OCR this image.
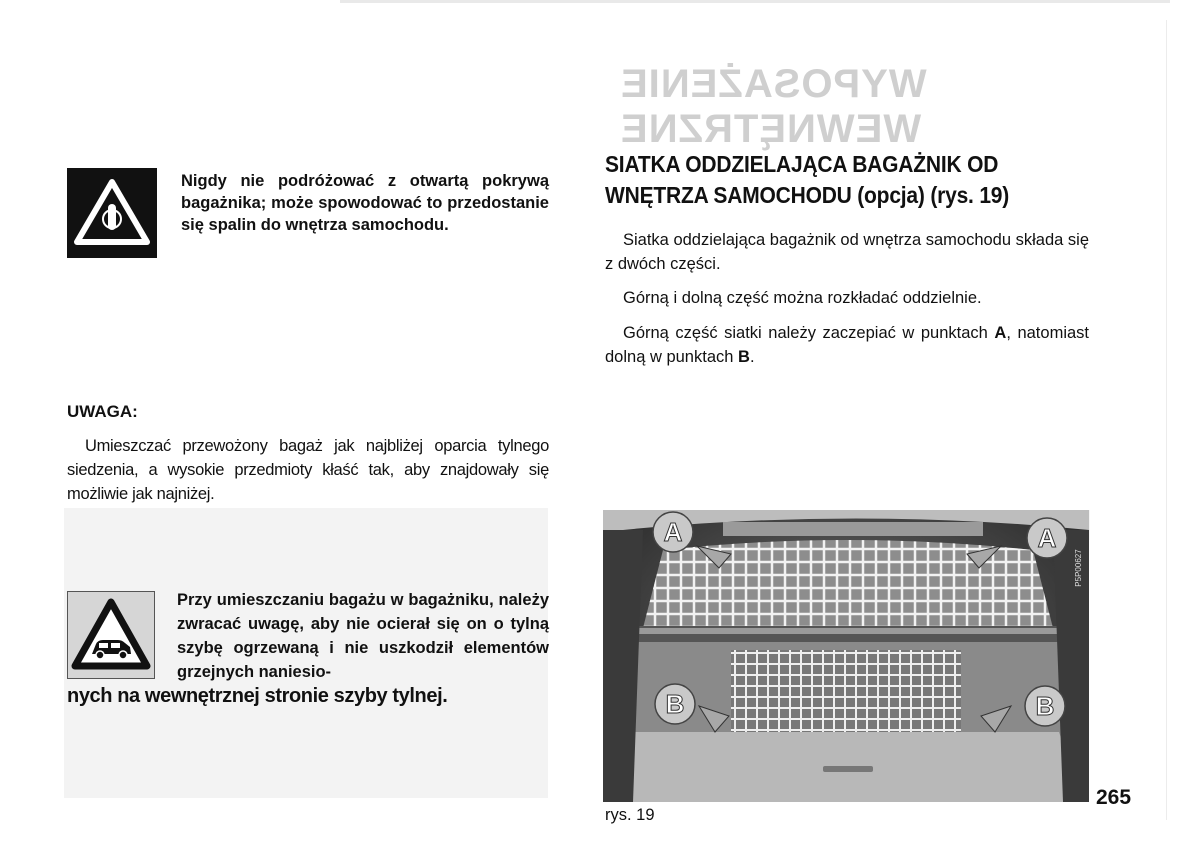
WYPOSAŻENIE WEWNĘTRZNE
Nigdy nie podróżować z otwartą pokrywą bagażnika; może spowodować to przedostanie się spalin do wnętrza samochodu.
UWAGA:
Umieszczać przewożony bagaż jak najbliżej oparcia tylnego siedzenia, a wysokie przedmioty kłaść tak, aby znajdowały się możliwie jak najniżej.
Przy umieszczaniu bagażu w bagażniku, należy zwracać uwagę, aby nie ocierał się on o tylną szybę ogrzewaną i nie uszkodził elementów grzejnych naniesio-
nych na wewnętrznej stronie szyby tylnej.
SIATKA ODDZIELAJĄCA BAGAŻNIK OD WNĘTRZA SAMOCHODU (opcja) (rys. 19)
Siatka oddzielająca bagażnik od wnętrza samochodu składa się z dwóch części.
Górną i dolną część można rozkładać oddzielnie.
Górną część siatki należy zaczepiać w punktach A, natomiast dolną w punktach B.
A	A
B	B
P5P00627
rys. 19
265
